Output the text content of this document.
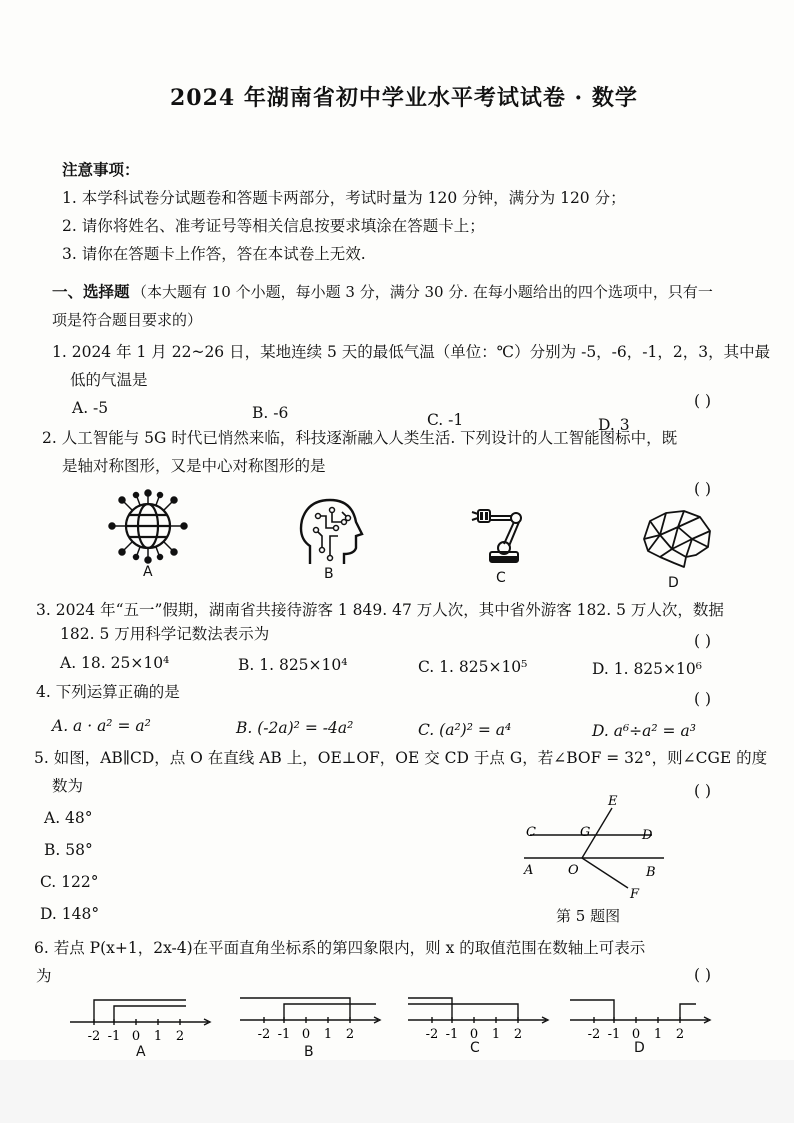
2024 年湖南省初中学业水平考试试卷 · 数学
注意事项：
1. 本学科试卷分试题卷和答题卡两部分，考试时量为 120 分钟，满分为 120 分；
2. 请你将姓名、准考证号等相关信息按要求填涂在答题卡上；
3. 请你在答题卡上作答，答在本试卷上无效.
一、选择题 （本大题有 10 个小题，每小题 3 分，满分 30 分. 在每小题给出的四个选项中，只有一
项是符合题目要求的）
1. 2024 年 1 月 22~26 日，某地连续 5 天的最低气温（单位：℃）分别为 -5，-6，-1，2，3，其中最
低的气温是
A. -5	B. -6	C. -1	D. 3
( )
2. 人工智能与 5G 时代已悄然来临，科技逐渐融入人类生活. 下列设计的人工智能图标中，既
是轴对称图形，又是中心对称图形的是
( )
A	B	C	D
3. 2024 年“五一”假期，湖南省共接待游客 1 849. 47 万人次，其中省外游客 182. 5 万人次，数据
182. 5 万用科学记数法表示为	( )
A. 18. 25×10⁴	B. 1. 825×10⁴	C. 1. 825×10⁵	D. 1. 825×10⁶
4. 下列运算正确的是	( )
A. a · a² = a²	B. (-2a)² = -4a²	C. (a²)² = a⁴	D. a⁶÷a² = a³
5. 如图，AB∥CD，点 O 在直线 AB 上，OE⊥OF，OE 交 CD 于点 G，若∠BOF = 32°，则∠CGE 的度
数为	( )
A. 48°
B. 58°
C. 122°
D. 148°
E
C	G	D
A	O	B
F
第 5 题图
6. 若点 P(x+1，2x-4)在平面直角坐标系的第四象限内，则 x 的取值范围在数轴上可表示
为	( )
-2 -1 0 1 2
A
-2 -1 0 1 2
B
-2 -1 0 1 2
C
-2 -1 0 1 2
D
